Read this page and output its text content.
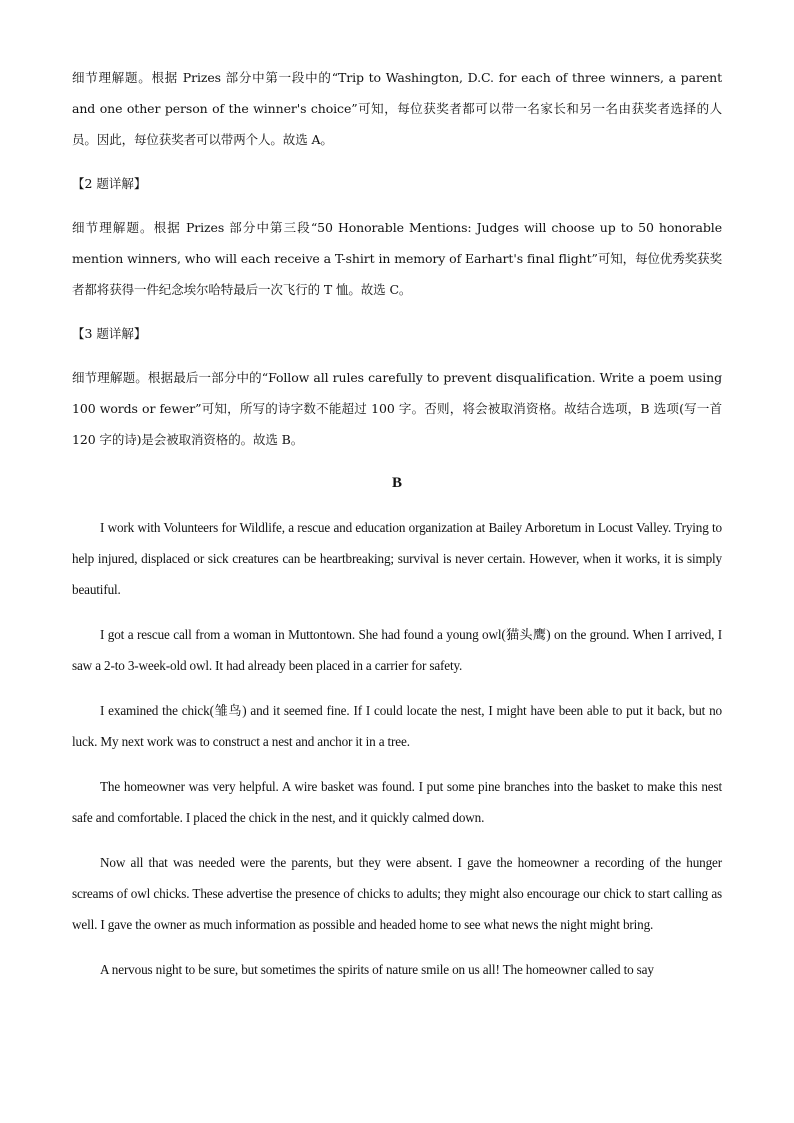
细节理解题。根据 Prizes 部分中第一段中的“Trip to Washington, D.C. for each of three winners, a parent and one other person of the winner's choice”可知，每位获奖者都可以带一名家长和另一名由获奖者选择的人员。因此，每位获奖者可以带两个人。故选 A。

【2 题详解】

细节理解题。根据 Prizes 部分中第三段“50 Honorable Mentions: Judges will choose up to 50 honorable mention winners, who will each receive a T-shirt in memory of Earhart's final flight”可知，每位优秀奖获奖者都将获得一件纪念埃尔哈特最后一次飞行的 T 恤。故选 C。

【3 题详解】

细节理解题。根据最后一部分中的“Follow all rules carefully to prevent disqualification. Write a poem using 100 words or fewer”可知，所写的诗字数不能超过 100 字。否则，将会被取消资格。故结合选项，B 选项(写一首 120 字的诗)是会被取消资格的。故选 B。

B

I work with Volunteers for Wildlife, a rescue and education organization at Bailey Arboretum in Locust Valley. Trying to help injured, displaced or sick creatures can be heartbreaking; survival is never certain. However, when it works, it is simply beautiful.

I got a rescue call from a woman in Muttontown. She had found a young owl(猫头鹰) on the ground. When I arrived, I saw a 2-to 3-week-old owl. It had already been placed in a carrier for safety.

I examined the chick(雏鸟) and it seemed fine. If I could locate the nest, I might have been able to put it back, but no luck. My next work was to construct a nest and anchor it in a tree.

The homeowner was very helpful. A wire basket was found. I put some pine branches into the basket to make this nest safe and comfortable. I placed the chick in the nest, and it quickly calmed down.

Now all that was needed were the parents, but they were absent. I gave the homeowner a recording of the hunger screams of owl chicks. These advertise the presence of chicks to adults; they might also encourage our chick to start calling as well. I gave the owner as much information as possible and headed home to see what news the night might bring.

A nervous night to be sure, but sometimes the spirits of nature smile on us all! The homeowner called to say
